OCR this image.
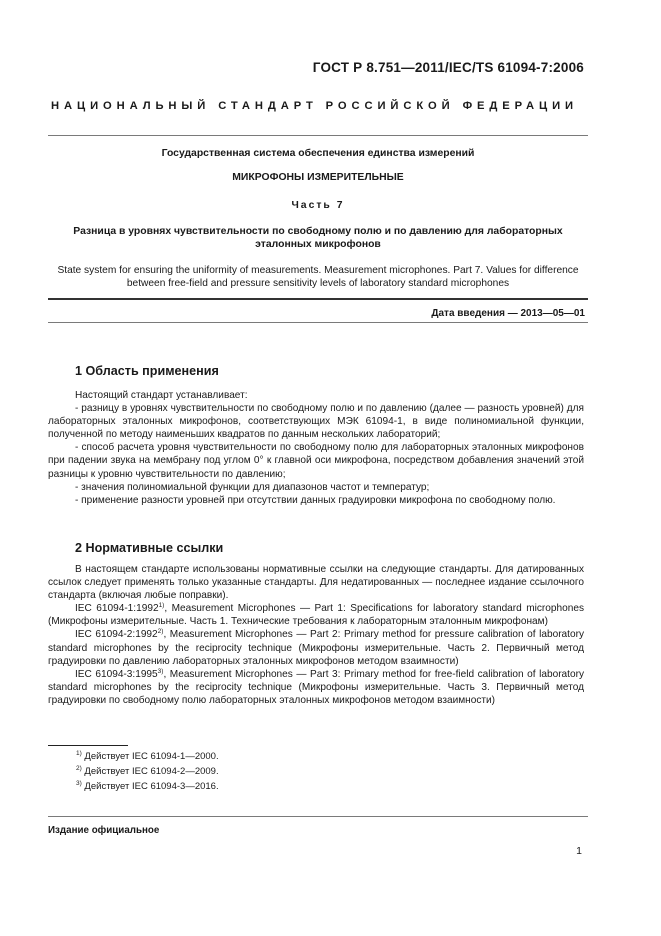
ГОСТ Р 8.751—2011/IEC/TS 61094-7:2006
НАЦИОНАЛЬНЫЙ СТАНДАРТ РОССИЙСКОЙ ФЕДЕРАЦИИ
Государственная система обеспечения единства измерений
МИКРОФОНЫ ИЗМЕРИТЕЛЬНЫЕ
Часть 7
Разница в уровнях чувствительности по свободному полю и по давлению для лабораторных
эталонных микрофонов
State system for ensuring the uniformity of measurements. Measurement microphones. Part 7. Values for difference
between free-field and pressure sensitivity levels of laboratory standard microphones
Дата введения — 2013—05—01
1 Область применения

Настоящий стандарт устанавливает:

- разницу в уровнях чувствительности по свободному полю и по давлению (далее — разность уровней) для лабораторных эталонных микрофонов, соответствующих МЭК 61094-1, в виде полиномиальной функции, полученной по методу наименьших квадратов по данным нескольких лабораторий;

- способ расчета уровня чувствительности по свободному полю для лабораторных эталонных микрофонов при падении звука на мембрану под углом 0° к главной оси микрофона, посредством добавления значений этой разницы к уровню чувствительности по давлению;

- значения полиномиальной функции для диапазонов частот и температур;

- применение разности уровней при отсутствии данных градуировки микрофона по свободному полю.

2 Нормативные ссылки

В настоящем стандарте использованы нормативные ссылки на следующие стандарты. Для датированных ссылок следует применять только указанные стандарты. Для недатированных — последнее издание ссылочного стандарта (включая любые поправки).

IEC 61094-1:1992$^{1)}$, Measurement Microphones — Part 1: Specifications for laboratory standard microphones (Микрофоны измерительные. Часть 1. Технические требования к лабораторным эталонным микрофонам)

IEC 61094-2:1992$^{2)}$, Measurement Microphones — Part 2: Primary method for pressure calibration of laboratory standard microphones by the reciprocity technique (Микрофоны измерительные. Часть 2. Первичный метод градуировки по давлению лабораторных эталонных микрофонов методом взаимности)

IEC 61094-3:1995$^{3)}$, Measurement Microphones — Part 3: Primary method for free-field calibration of laboratory standard microphones by the reciprocity technique (Микрофоны измерительные. Часть 3. Первичный метод градуировки по свободному полю лабораторных эталонных микрофонов методом взаимности)

$^{1)}$ Действует IEC 61094-1—2000.
$^{2)}$ Действует IEC 61094-2—2009.
$^{3)}$ Действует IEC 61094-3—2016.
Издание официальное
1
